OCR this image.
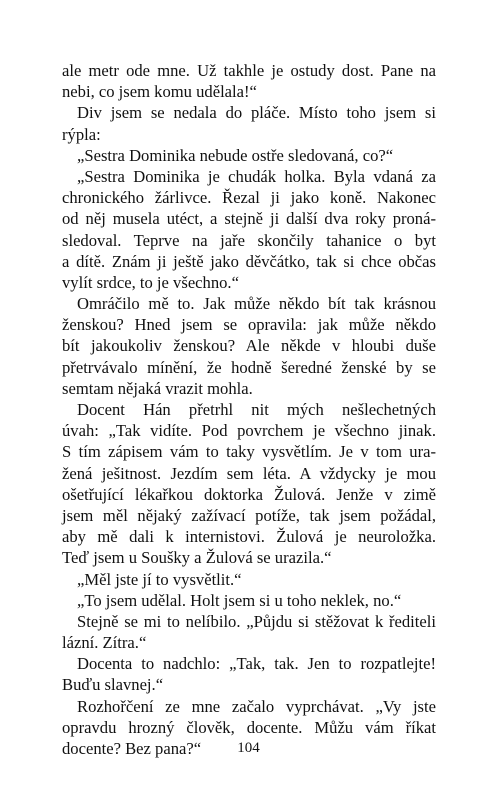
ale metr ode mne. Už takhle je ostudy dost. Pane na
nebi, co jsem komu udělala!“

Div jsem se nedala do pláče. Místo toho jsem si
rýpla:

„Sestra Dominika nebude ostře sledovaná, co?“

„Sestra Dominika je chudák holka. Byla vdaná za
chronického žárlivce. Řezal ji jako koně. Nakonec
od něj musela utéct, a stejně ji další dva roky proná-
sledoval. Teprve na jaře skončily tahanice o byt
a dítě. Znám ji ještě jako děvčátko, tak si chce občas
vylít srdce, to je všechno.“

Omráčilo mě to. Jak může někdo bít tak krásnou
ženskou? Hned jsem se opravila: jak může někdo
bít jakoukoliv ženskou? Ale někde v hloubi duše
přetrvávalo mínění, že hodně šeredné ženské by se
semtam nějaká vrazit mohla.

Docent Hán přetrhl nit mých nešlechetných
úvah: „Tak vidíte. Pod povrchem je všechno jinak.
S tím zápisem vám to taky vysvětlím. Je v tom ura-
žená ješitnost. Jezdím sem léta. A vždycky je mou
ošetřující lékařkou doktorka Žulová. Jenže v zimě
jsem měl nějaký zažívací potíže, tak jsem požádal,
aby mě dali k internistovi. Žulová je neuroložka.
Teď jsem u Soušky a Žulová se urazila.“

„Měl jste jí to vysvětlit.“

„To jsem udělal. Holt jsem si u toho neklek, no.“

Stejně se mi to nelíbilo. „Půjdu si stěžovat k řediteli
lázní. Zítra.“

Docenta to nadchlo: „Tak, tak. Jen to rozpatlejte!
Buďu slavnej.“

Rozhořčení ze mne začalo vyprchávat. „Vy jste
opravdu hrozný člověk, docente. Můžu vám říkat
docente? Bez pana?“	104
